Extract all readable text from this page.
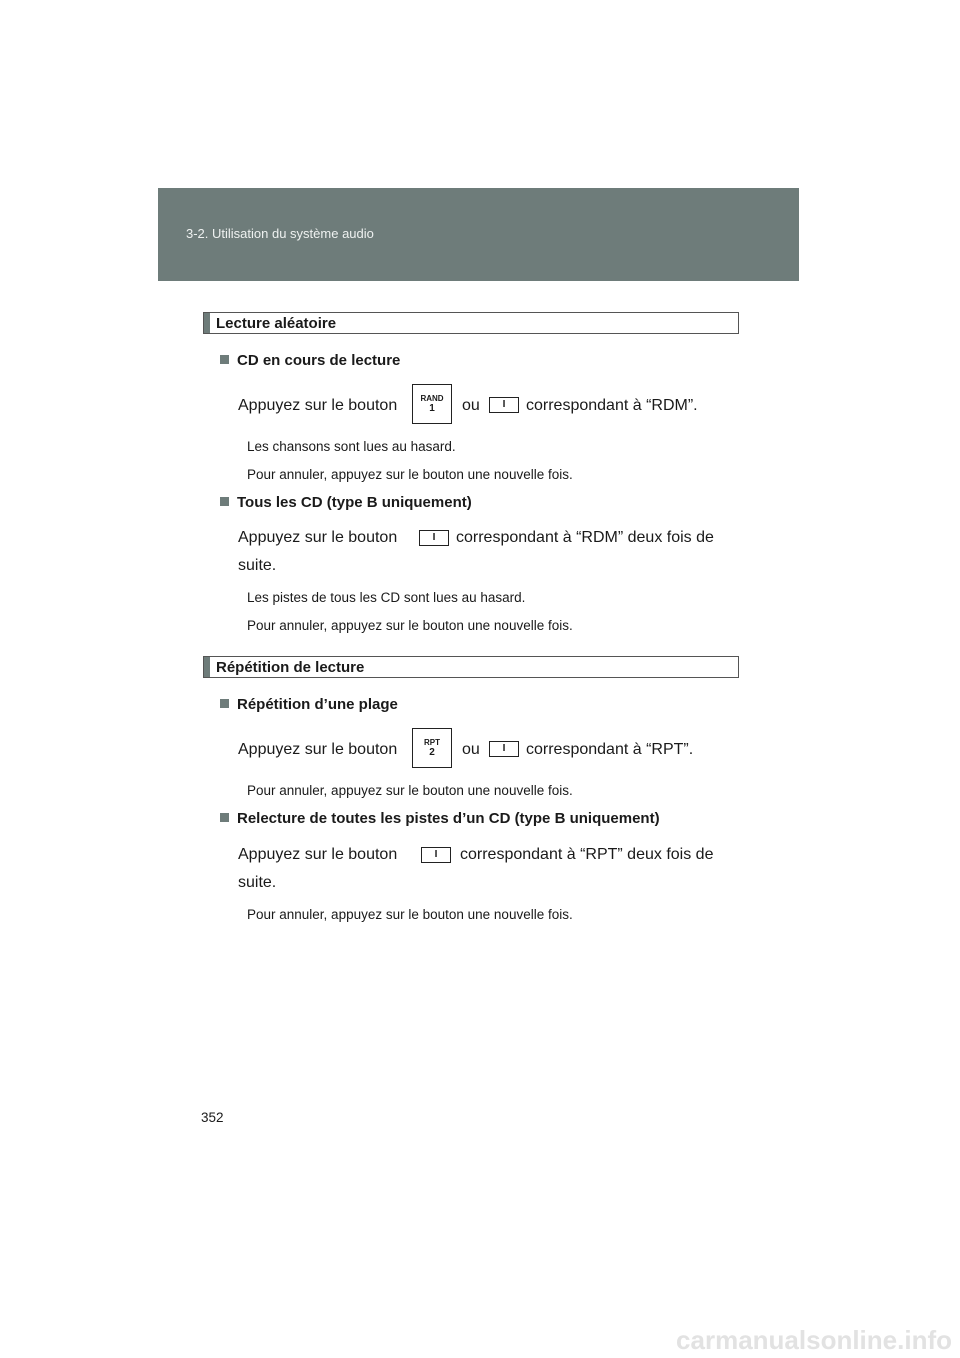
3-2. Utilisation du système audio
Lecture aléatoire
CD en cours de lecture
Appuyez sur le bouton	ou	correspondant à “RDM”.
RAND
1	I
Les chansons sont lues au hasard.
Pour annuler, appuyez sur le bouton une nouvelle fois.
Tous les CD (type B uniquement)
Appuyez sur le bouton	correspondant à “RDM” deux fois de
suite.
I
Les pistes de tous les CD sont lues au hasard.
Pour annuler, appuyez sur le bouton une nouvelle fois.
Répétition de lecture
Répétition d’une plage
Appuyez sur le bouton	ou	correspondant à “RPT”.
RPT
2	I
Pour annuler, appuyez sur le bouton une nouvelle fois.
Relecture de toutes les pistes d’un CD (type B uniquement)
Appuyez sur le bouton	correspondant à “RPT” deux fois de
suite.
I
Pour annuler, appuyez sur le bouton une nouvelle fois.
352
carmanualsonline.info
